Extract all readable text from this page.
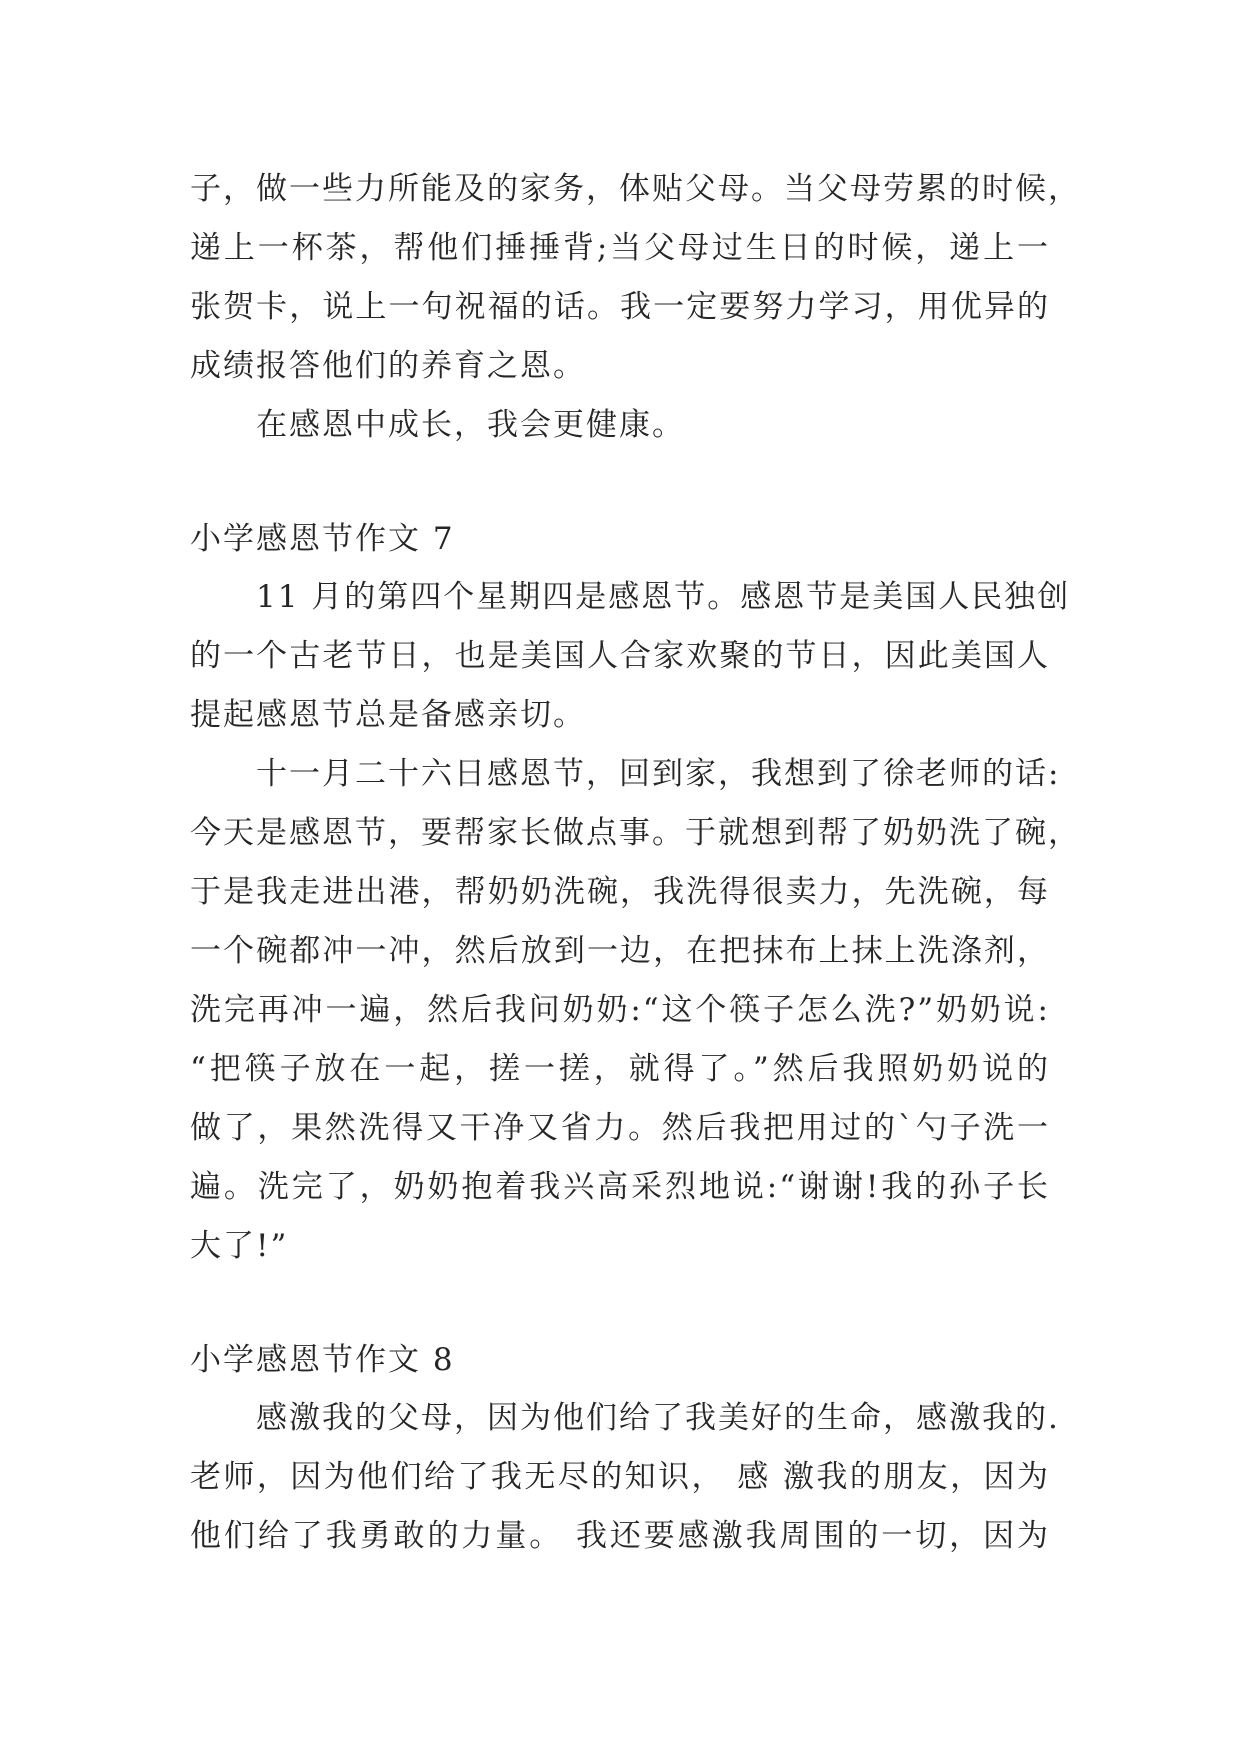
子，做一些力所能及的家务，体贴父母。当父母劳累的时候，
递上一杯茶，帮他们捶捶背;当父母过生日的时候，递上一
张贺卡，说上一句祝福的话。我一定要努力学习，用优异的
成绩报答他们的养育之恩。
在感恩中成长，我会更健康。
小学感恩节作文 7
11 月的第四个星期四是感恩节。感恩节是美国人民独创
的一个古老节日，也是美国人合家欢聚的节日，因此美国人
提起感恩节总是备感亲切。
十一月二十六日感恩节，回到家，我想到了徐老师的话:
今天是感恩节，要帮家长做点事。于就想到帮了奶奶洗了碗，
于是我走进出港，帮奶奶洗碗，我洗得很卖力，先洗碗，每
一个碗都冲一冲，然后放到一边，在把抹布上抹上洗涤剂，
洗完再冲一遍，然后我问奶奶:“这个筷子怎么洗?”奶奶说:
“把筷子放在一起，搓一搓，就得了。”然后我照奶奶说的
做了，果然洗得又干净又省力。然后我把用过的`勺子洗一
遍。洗完了，奶奶抱着我兴高采烈地说:“谢谢!我的孙子长
大了!”
小学感恩节作文 8
感激我的父母，因为他们给了我美好的生命，感激我的.
老师，因为他们给了我无尽的知识， 感 激我的朋友，因为
他们给了我勇敢的力量。 我还要感激我周围的一切，因为
